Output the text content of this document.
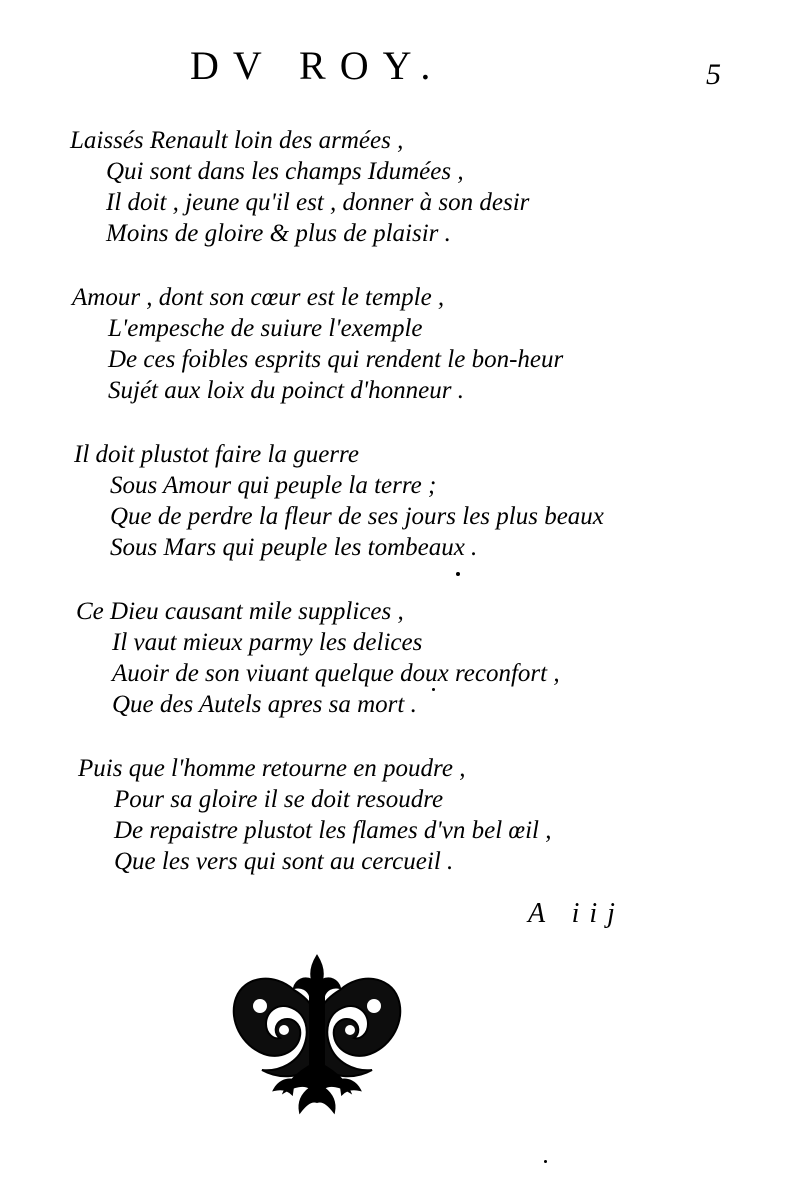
DV ROY.	5
Laissés Renault loin des armées ,
Qui sont dans les champs Idumées ,
Il doit , jeune qu'il est , donner à son desir
Moins de gloire & plus de plaisir .
Amour , dont son cœur est le temple ,
L'empesche de suiure l'exemple
De ces foibles esprits qui rendent le bon-heur
Sujét aux loix du poinct d'honneur .
Il doit plustot faire la guerre
Sous Amour qui peuple la terre ;
Que de perdre la fleur de ses jours les plus beaux
Sous Mars qui peuple les tombeaux .
Ce Dieu causant mile supplices ,
Il vaut mieux parmy les delices
Auoir de son viuant quelque doux reconfort ,
Que des Autels apres sa mort .
Puis que l'homme retourne en poudre ,
Pour sa gloire il se doit resoudre
De repaistre plustot les flames d'vn bel œil ,
Que les vers qui sont au cercueil .
A iij
